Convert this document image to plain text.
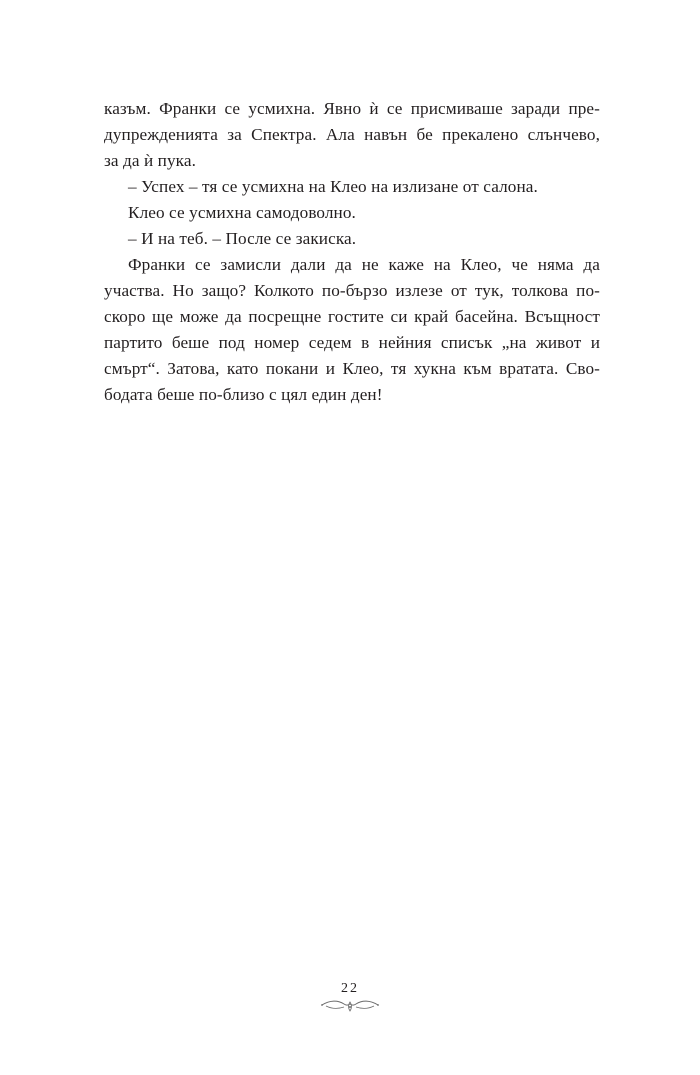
казъм. Франки се усмихна. Явно ѝ се присмиваше заради пре-
дупрежденията за Спектра. Ала навън бе прекалено слънчево,
за да ѝ пука.
– Успех – тя се усмихна на Клео на излизане от салона.
Клео се усмихна самодоволно.
– И на теб. – После се закиска.
Франки се замисли дали да не каже на Клео, че няма да
участва. Но защо? Колкото по-бързо излезе от тук, толкова по-
скоро ще може да посрещне гостите си край басейна. Всъщност
партито беше под номер седем в нейния списък „на живот и
смърт“. Затова, като покани и Клео, тя хукна към вратата. Сво-
бодата беше по-близо с цял един ден!
22
